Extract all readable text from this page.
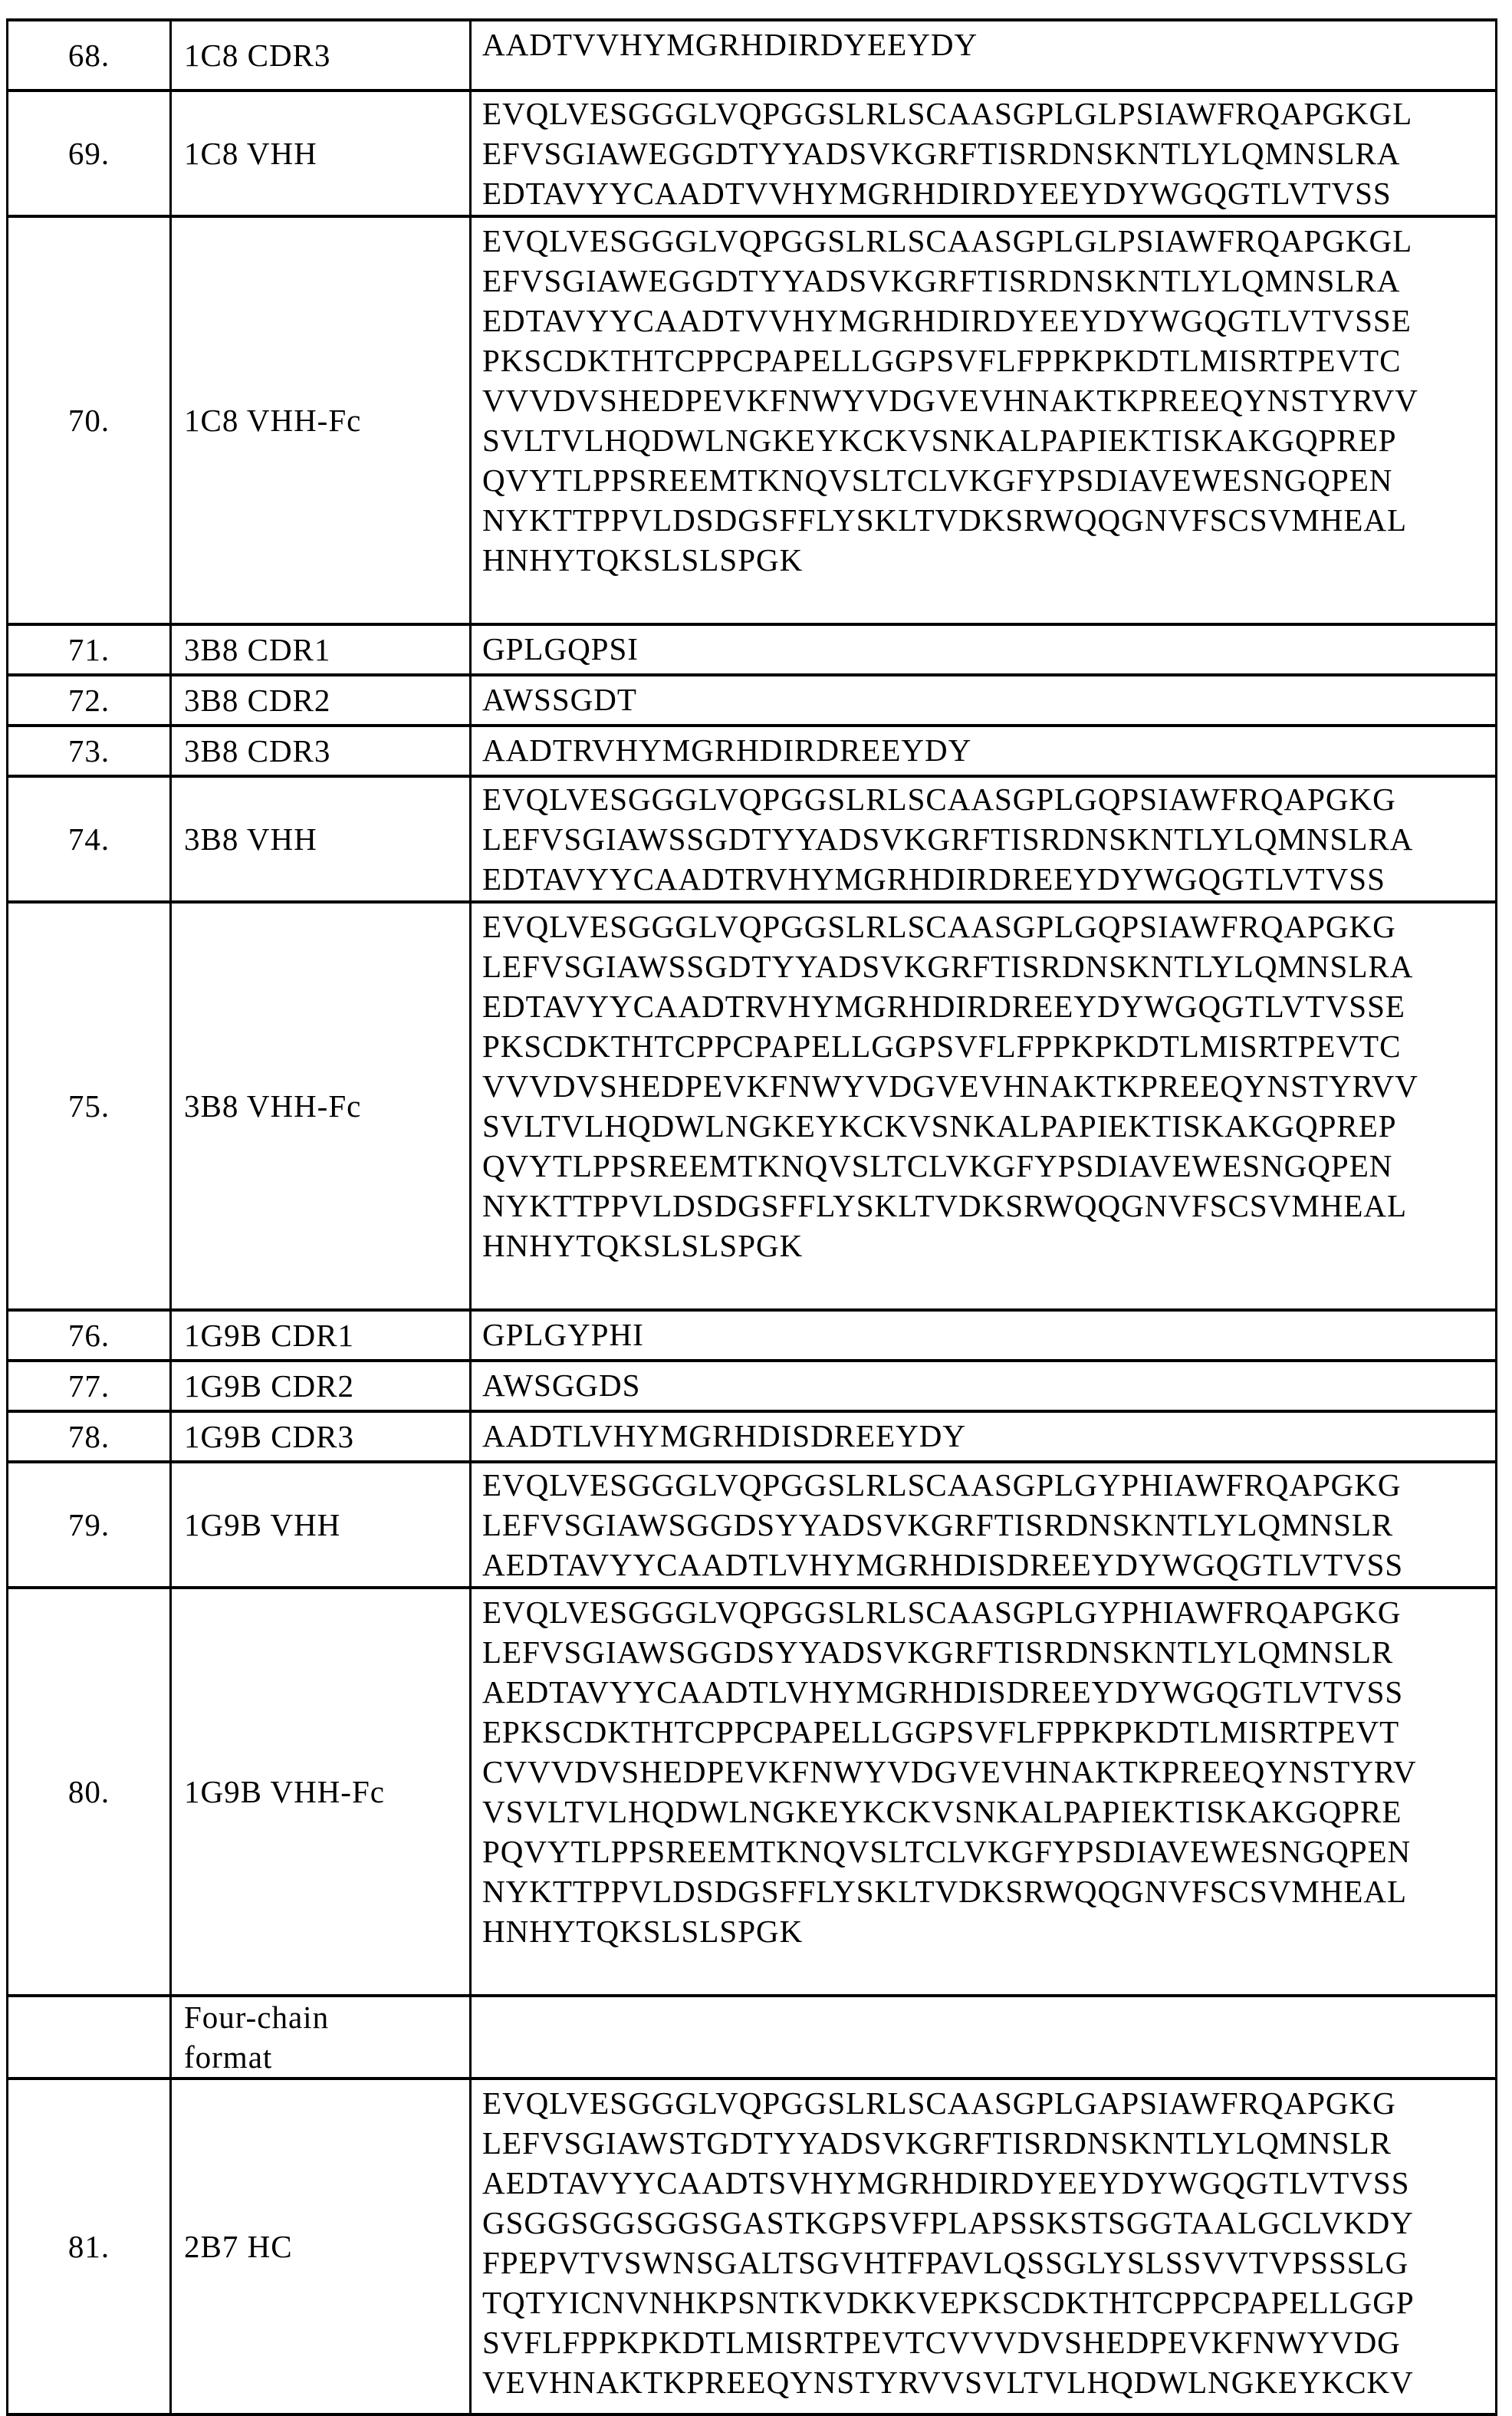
68.	1C8 CDR3	AADTVVHYMGRHDIRDYEEYDY

69.	1C8 VHH	EVQLVESGGGLVQPGGSLRLSCAASGPLGLPSIAWFRQAPGKGL
EFVSGIAWEGGDTYYADSVKGRFTISRDNSKNTLYLQMNSLRA
EDTAVYYCAADTVVHYMGRHDIRDYEEYDYWGQGTLVTVSS

70.	1C8 VHH-Fc

EVQLVESGGGLVQPGGSLRLSCAASGPLGLPSIAWFRQAPGKGL
EFVSGIAWEGGDTYYADSVKGRFTISRDNSKNTLYLQMNSLRA
EDTAVYYCAADTVVHYMGRHDIRDYEEYDYWGQGTLVTVSSE
PKSCDKTHTCPPCPAPELLGGPSVFLFPPKPKDTLMISRTPEVTC
VVVDVSHEDPEVKFNWYVDGVEVHNAKTKPREEQYNSTYRVV
SVLTVLHQDWLNGKEYKCKVSNKALPAPIEKTISKAKGQPREP
QVYTLPPSREEMTKNQVSLTCLVKGFYPSDIAVEWESNGQPEN
NYKTTPPVLDSDGSFFLYSKLTVDKSRWQQGNVFSCSVMHEAL
HNHYTQKSLSLSPGK

71.	3B8 CDR1	GPLGQPSI

72.	3B8 CDR2	AWSSGDT

73.	3B8 CDR3	AADTRVHYMGRHDIRDREEYDY

74.	3B8 VHH	EVQLVESGGGLVQPGGSLRLSCAASGPLGQPSIAWFRQAPGKG
LEFVSGIAWSSGDTYYADSVKGRFTISRDNSKNTLYLQMNSLRA
EDTAVYYCAADTRVHYMGRHDIRDREEYDYWGQGTLVTVSS

75.	3B8 VHH-Fc

EVQLVESGGGLVQPGGSLRLSCAASGPLGQPSIAWFRQAPGKG
LEFVSGIAWSSGDTYYADSVKGRFTISRDNSKNTLYLQMNSLRA
EDTAVYYCAADTRVHYMGRHDIRDREEYDYWGQGTLVTVSSE
PKSCDKTHTCPPCPAPELLGGPSVFLFPPKPKDTLMISRTPEVTC
VVVDVSHEDPEVKFNWYVDGVEVHNAKTKPREEQYNSTYRVV
SVLTVLHQDWLNGKEYKCKVSNKALPAPIEKTISKAKGQPREP
QVYTLPPSREEMTKNQVSLTCLVKGFYPSDIAVEWESNGQPEN
NYKTTPPVLDSDGSFFLYSKLTVDKSRWQQGNVFSCSVMHEAL
HNHYTQKSLSLSPGK

76.	1G9B CDR1	GPLGYPHI

77.	1G9B CDR2	AWSGGDS

78.	1G9B CDR3	AADTLVHYMGRHDISDREEYDY

79.	1G9B VHH	EVQLVESGGGLVQPGGSLRLSCAASGPLGYPHIAWFRQAPGKG
LEFVSGIAWSGGDSYYADSVKGRFTISRDNSKNTLYLQMNSLR
AEDTAVYYCAADTLVHYMGRHDISDREEYDYWGQGTLVTVSS

80.	1G9B VHH-Fc

EVQLVESGGGLVQPGGSLRLSCAASGPLGYPHIAWFRQAPGKG
LEFVSGIAWSGGDSYYADSVKGRFTISRDNSKNTLYLQMNSLR
AEDTAVYYCAADTLVHYMGRHDISDREEYDYWGQGTLVTVSS
EPKSCDKTHTCPPCPAPELLGGPSVFLFPPKPKDTLMISRTPEVT
CVVVDVSHEDPEVKFNWYVDGVEVHNAKTKPREEQYNSTYRV
VSVLTVLHQDWLNGKEYKCKVSNKALPAPIEKTISKAKGQPRE
PQVYTLPPSREEMTKNQVSLTCLVKGFYPSDIAVEWESNGQPEN
NYKTTPPVLDSDGSFFLYSKLTVDKSRWQQGNVFSCSVMHEAL
HNHYTQKSLSLSPGK

	Four-chain
format	

81.	2B7 HC

EVQLVESGGGLVQPGGSLRLSCAASGPLGAPSIAWFRQAPGKG
LEFVSGIAWSTGDTYYADSVKGRFTISRDNSKNTLYLQMNSLR
AEDTAVYYCAADTSVHYMGRHDIRDYEEYDYWGQGTLVTVSS
GSGGSGGSGGSGASTKGPSVFPLAPSSKSTSGGTAALGCLVKDY
FPEPVTVSWNSGALTSGVHTFPAVLQSSGLYSLSSVVTVPSSSLG
TQTYICNVNHKPSNTKVDKKVEPKSCDKTHTCPPCPAPELLGGP
SVFLFPPKPKDTLMISRTPEVTCVVVDVSHEDPEVKFNWYVDG
VEVHNAKTKPREEQYNSTYRVVSVLTVLHQDWLNGKEYKCKV
